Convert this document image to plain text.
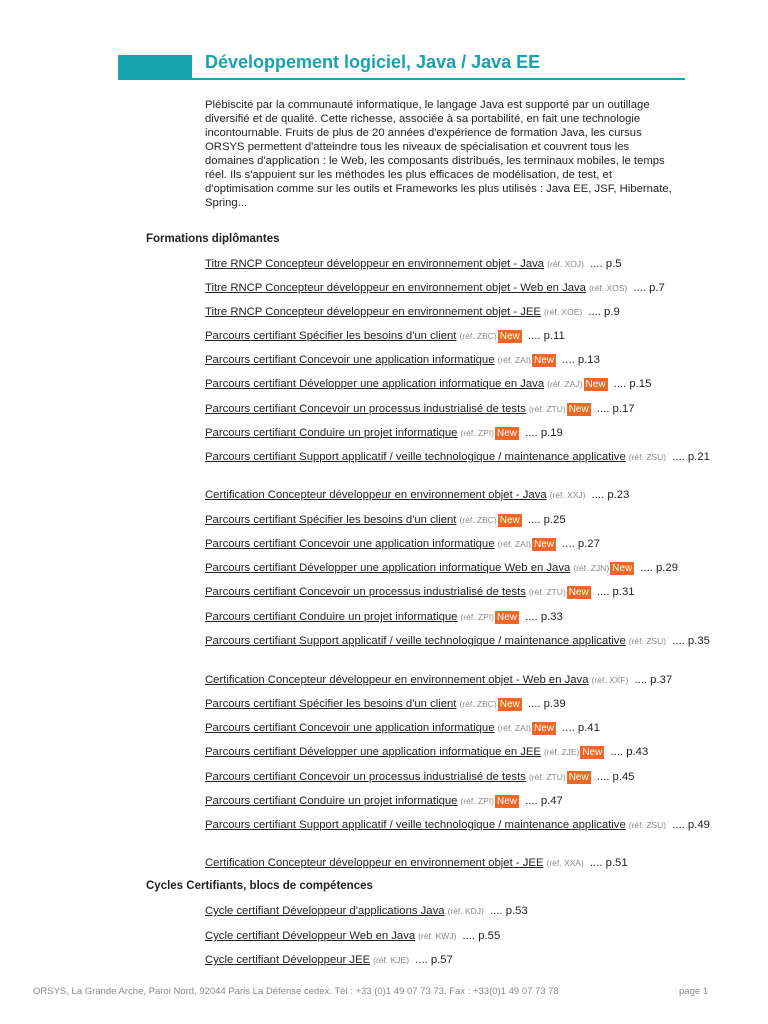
Développement logiciel, Java / Java EE

Plébiscité par la communauté informatique, le langage Java est supporté par un outillage diversifié et de qualité. Cette richesse, associée à sa portabilité, en fait une technologie incontournable. Fruits de plus de 20 années d'expérience de formation Java, les cursus ORSYS permettent d'atteindre tous les niveaux de spécialisation et couvrent tous les domaines d'application : le Web, les composants distribués, les terminaux mobiles, le temps réel. Ils s'appuient sur les méthodes les plus efficaces de modélisation, de test, et d'optimisation comme sur les outils et Frameworks les plus utilisés : Java EE, JSF, Hibernate, Spring...

Formations diplômantes
Titre RNCP Concepteur développeur en environnement objet - Java (réf. XOJ) .... p.5
Titre RNCP Concepteur développeur en environnement objet - Web en Java (réf. XOS) .... p.7
Titre RNCP Concepteur développeur en environnement objet - JEE (réf. XOE) .... p.9
Parcours certifiant Spécifier les besoins d'un client (réf. ZBC) New .... p.11
Parcours certifiant Concevoir une application informatique (réf. ZAI) New .... p.13
Parcours certifiant Développer une application informatique en Java (réf. ZAJ) New .... p.15
Parcours certifiant Concevoir un processus industrialisé de tests (réf. ZTU) New .... p.17
Parcours certifiant Conduire un projet informatique (réf. ZPI) New .... p.19
Parcours certifiant Support applicatif / veille technologique / maintenance applicative (réf. ZSU) .... p.21
Certification Concepteur développeur en environnement objet - Java (réf. XXJ) .... p.23
Parcours certifiant Spécifier les besoins d'un client (réf. ZBC) New .... p.25
Parcours certifiant Concevoir une application informatique (réf. ZAI) New .... p.27
Parcours certifiant Développer une application informatique Web en Java (réf. ZJN) New .... p.29
Parcours certifiant Concevoir un processus industrialisé de tests (réf. ZTU) New .... p.31
Parcours certifiant Conduire un projet informatique (réf. ZPI) New .... p.33
Parcours certifiant Support applicatif / veille technologique / maintenance applicative (réf. ZSU) .... p.35
Certification Concepteur développeur en environnement objet - Web en Java (réf. XXF) .... p.37
Parcours certifiant Spécifier les besoins d'un client (réf. ZBC) New .... p.39
Parcours certifiant Concevoir une application informatique (réf. ZAI) New .... p.41
Parcours certifiant Développer une application informatique en JEE (réf. ZJE) New .... p.43
Parcours certifiant Concevoir un processus industrialisé de tests (réf. ZTU) New .... p.45
Parcours certifiant Conduire un projet informatique (réf. ZPI) New .... p.47
Parcours certifiant Support applicatif / veille technologique / maintenance applicative (réf. ZSU) .... p.49
Certification Concepteur développeur en environnement objet - JEE (réf. XXA) .... p.51
Cycles Certifiants, blocs de compétences
Cycle certifiant Développeur d'applications Java (réf. KDJ) .... p.53
Cycle certifiant Développeur Web en Java (réf. KWJ) .... p.55
Cycle certifiant Développeur JEE (réf. KJE) .... p.57

ORSYS, La Grande Arche, Paroi Nord, 92044 Paris La Défense cedex. Tél : +33 (0)1 49 07 73 73. Fax : +33(0)1 49 07 73 78	page 1
